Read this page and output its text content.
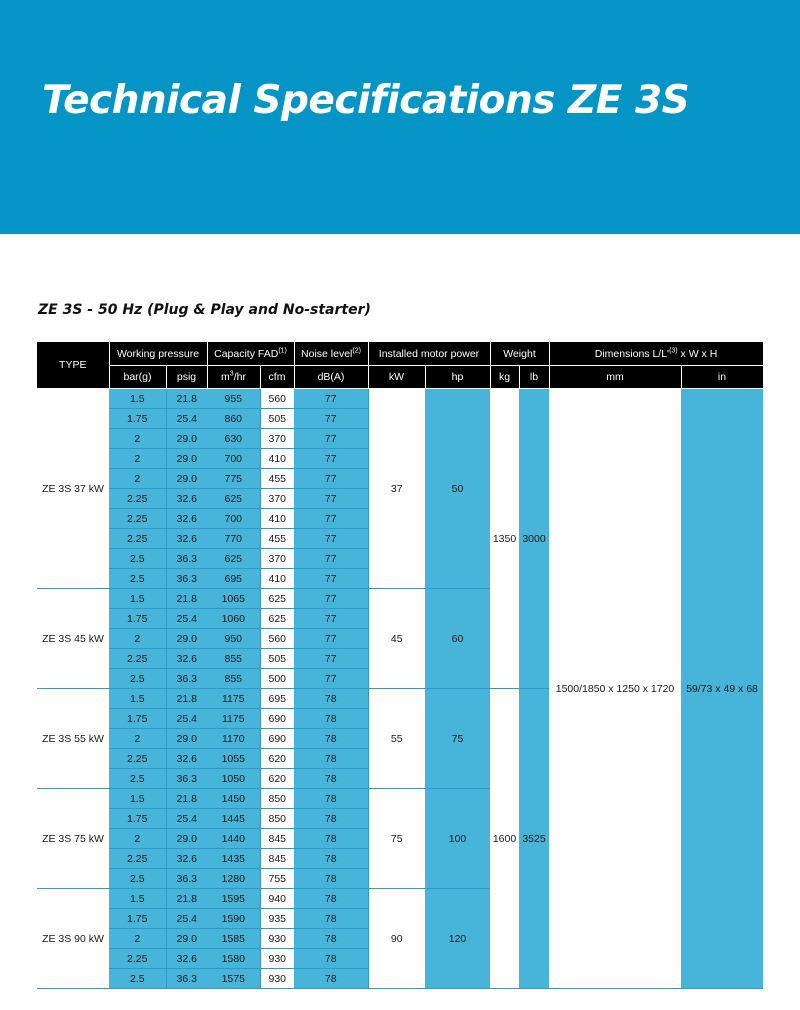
Technical Specifications ZE 3S
ZE 3S - 50 Hz (Plug & Play and No-starter)
TYPE	Working pressure		Capacity FAD$^{(1)}$		Noise level$^{(2)}$	Installed motor power		Weight		Dimensions $L/L'^{(3)}$ x W x H	
	bar(g)	psig	$m^3/hr$	cfm	dB(A)	kW	hp	kg	lb	mm	in
ZE 3S 37 kW	1.5	21.8	955	560	77	37	50	1350	3000	1500/1850 x 1250 x 1720	59/73 x 49 x 68
	1.75	25.4	860	505	77						
	2	29.0	630	370	77						
	2	29.0	700	410	77						
	2	29.0	775	455	77						
	2.25	32.6	625	370	77						
	2.25	32.6	700	410	77						
	2.25	32.6	770	455	77						
	2.5	36.3	625	370	77						
	2.5	36.3	695	410	77						
ZE 3S 45 kW	1.5	21.8	1065	625	77	45	60				
	1.75	25.4	1060	625	77						
	2	29.0	950	560	77						
	2.25	32.6	855	505	77						
	2.5	36.3	855	500	77						
ZE 3S 55 kW	1.5	21.8	1175	695	78	55	75	1600	3525		
	1.75	25.4	1175	690	78						
	2	29.0	1170	690	78						
	2.25	32.6	1055	620	78						
	2.5	36.3	1050	620	78						
ZE 3S 75 kW	1.5	21.8	1450	850	78	75	100				
	1.75	25.4	1445	850	78						
	2	29.0	1440	845	78						
	2.25	32.6	1435	845	78						
	2.5	36.3	1280	755	78						
ZE 3S 90 kW	1.5	21.8	1595	940	78	90	120				
	1.75	25.4	1590	935	78						
	2	29.0	1585	930	78						
	2.25	32.6	1580	930	78						
	2.5	36.3	1575	930	78						
